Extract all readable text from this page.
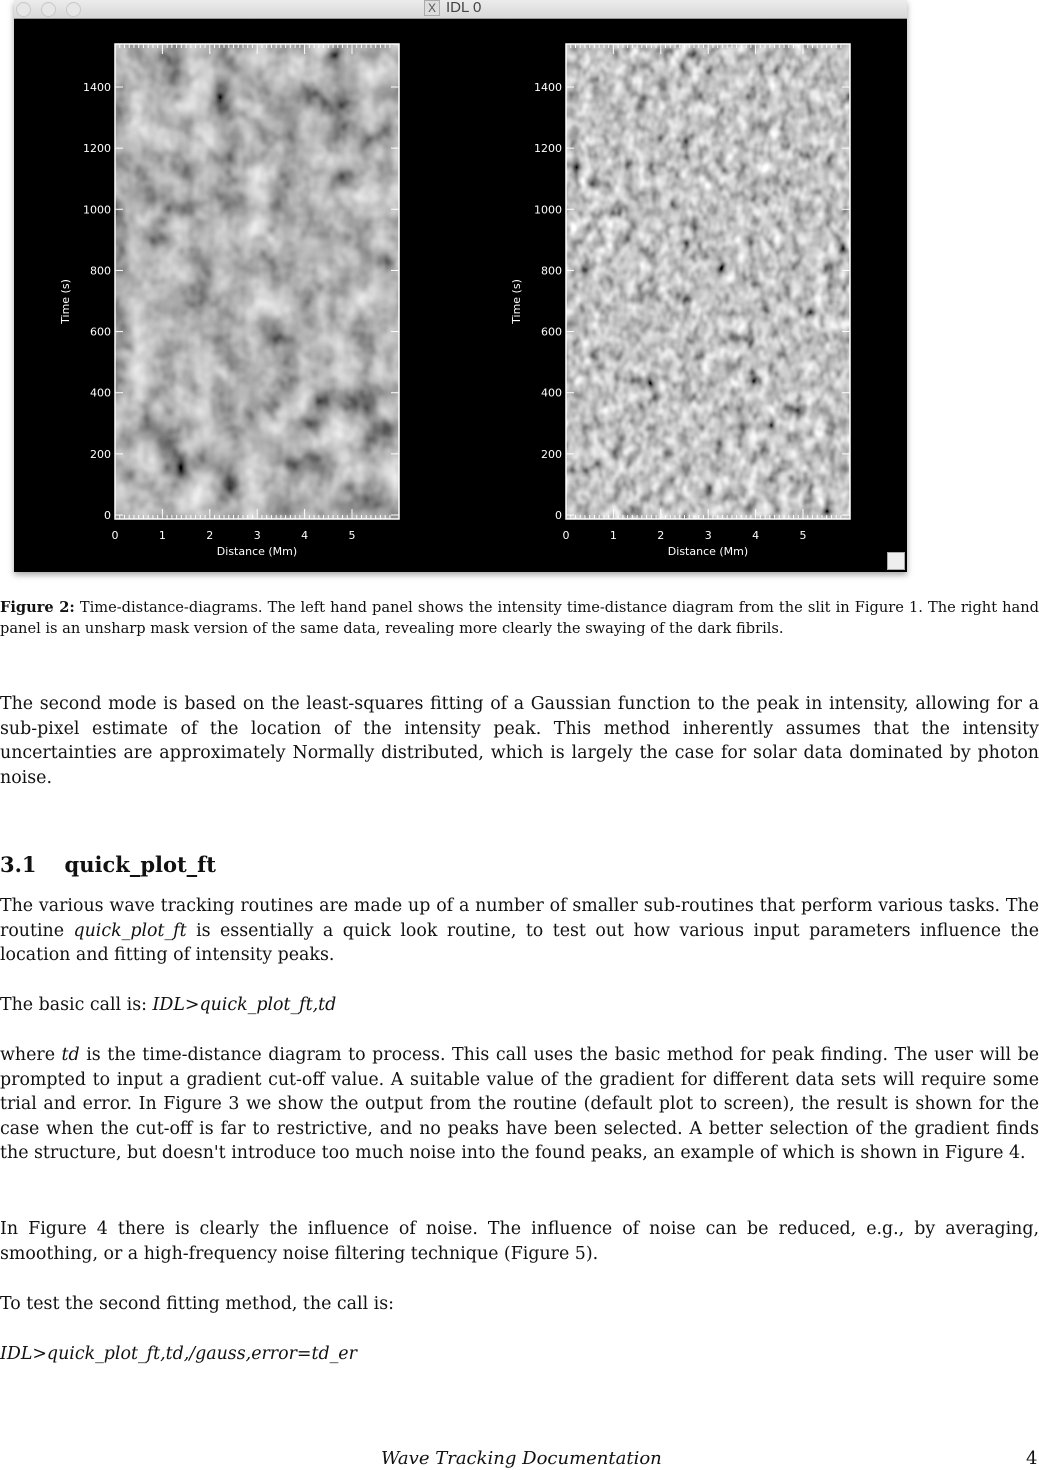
X IDL 0
0
200
400
600
800
1000
1200
1400
0	1	2	3	4	5
Distance (Mm)
Time (s)
0
200
400
600
800
1000
1200
1400
0	1	2	3	4	5
Distance (Mm)
Time (s)
Figure 2: Time-distance-diagrams. The left hand panel shows the intensity time-distance diagram from the slit in Figure 1. The right hand panel is an unsharp mask version of the same data, revealing more clearly the swaying of the dark fibrils.
The second mode is based on the least-squares fitting of a Gaussian function to the peak in intensity, allowing for a sub-pixel estimate of the location of the intensity peak. This method inherently assumes that the intensity uncertainties are approximately Normally distributed, which is largely the case for solar data dominated by photon noise.
3.1 quick_plot_ft
The various wave tracking routines are made up of a number of smaller sub-routines that perform various tasks. The routine quick_plot_ft is essentially a quick look routine, to test out how various input parameters influence the location and fitting of intensity peaks.
The basic call is: IDL>quick_plot_ft,td
where td is the time-distance diagram to process. This call uses the basic method for peak finding. The user will be prompted to input a gradient cut-off value. A suitable value of the gradient for different data sets will require some trial and error. In Figure 3 we show the output from the routine (default plot to screen), the result is shown for the case when the cut-off is far to restrictive, and no peaks have been selected. A better selection of the gradient finds the structure, but doesn't introduce too much noise into the found peaks, an example of which is shown in Figure 4.
In Figure 4 there is clearly the influence of noise. The influence of noise can be reduced, e.g., by averaging, smoothing, or a high-frequency noise filtering technique (Figure 5).
To test the second fitting method, the call is:
IDL>quick_plot_ft,td,/gauss,error=td_er
Wave Tracking Documentation	4
